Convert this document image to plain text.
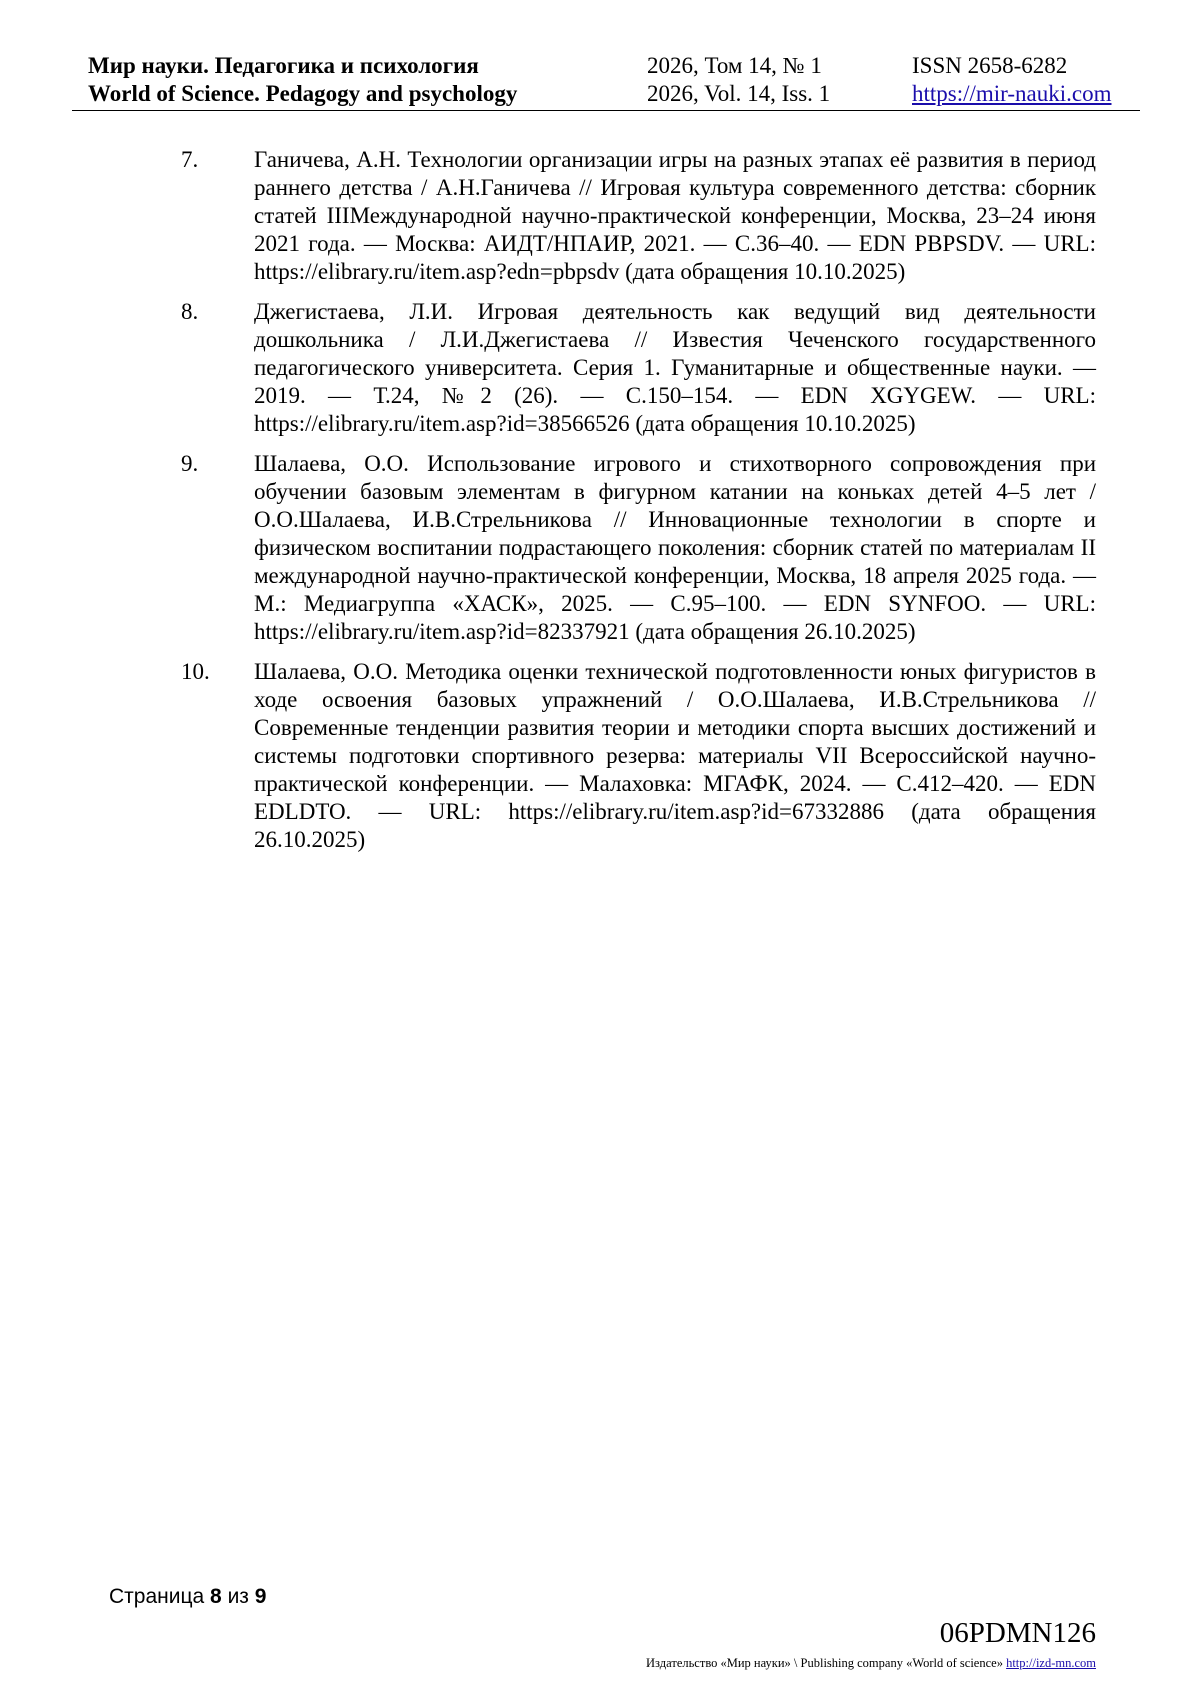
Мир науки. Педагогика и психология
World of Science. Pedagogy and psychology
2026, Том 14, № 1
2026, Vol. 14, Iss. 1
ISSN 2658-6282
https://mir-nauki.com
7. Ганичева, А.Н. Технологии организации игры на разных этапах её развития в период раннего детства / А.Н.Ганичева // Игровая культура современного детства: сборник статей IIIМеждународной научно-практической конференции, Москва, 23–24 июня 2021 года. — Москва: АИДТ/НПАИР, 2021. — С.36–40. — EDN PBPSDV. — URL: https://elibrary.ru/item.asp?edn=pbpsdv (дата обращения 10.10.2025)
8. Джегистаева, Л.И. Игровая деятельность как ведущий вид деятельности дошкольника / Л.И.Джегистаева // Известия Чеченского государственного педагогического университета. Серия 1. Гуманитарные и общественные науки. — 2019. — Т.24, №2 (26). — С.150–154. — EDN XGYGEW. — URL: https://elibrary.ru/item.asp?id=38566526 (дата обращения 10.10.2025)
9. Шалаева, О.О. Использование игрового и стихотворного сопровождения при обучении базовым элементам в фигурном катании на коньках детей 4–5 лет / О.О.Шалаева, И.В.Стрельникова // Инновационные технологии в спорте и физическом воспитании подрастающего поколения: сборник статей по материалам II международной научно-практической конференции, Москва, 18 апреля 2025 года. — М.: Медиагруппа «ХАСК», 2025. — С.95–100. — EDN SYNFOO. — URL: https://elibrary.ru/item.asp?id=82337921 (дата обращения 26.10.2025)
10. Шалаева, О.О. Методика оценки технической подготовленности юных фигуристов в ходе освоения базовых упражнений / О.О.Шалаева, И.В.Стрельникова // Современные тенденции развития теории и методики спорта высших достижений и системы подготовки спортивного резерва: материалы VII Всероссийской научно-практической конференции. — Малаховка: МГАФК, 2024. — С.412–420. — EDN EDLDTO. — URL: https://elibrary.ru/item.asp?id=67332886 (дата обращения 26.10.2025)
Страница 8 из 9
06PDMN126
Издательство «Мир науки» \ Publishing company «World of science» http://izd-mn.com
